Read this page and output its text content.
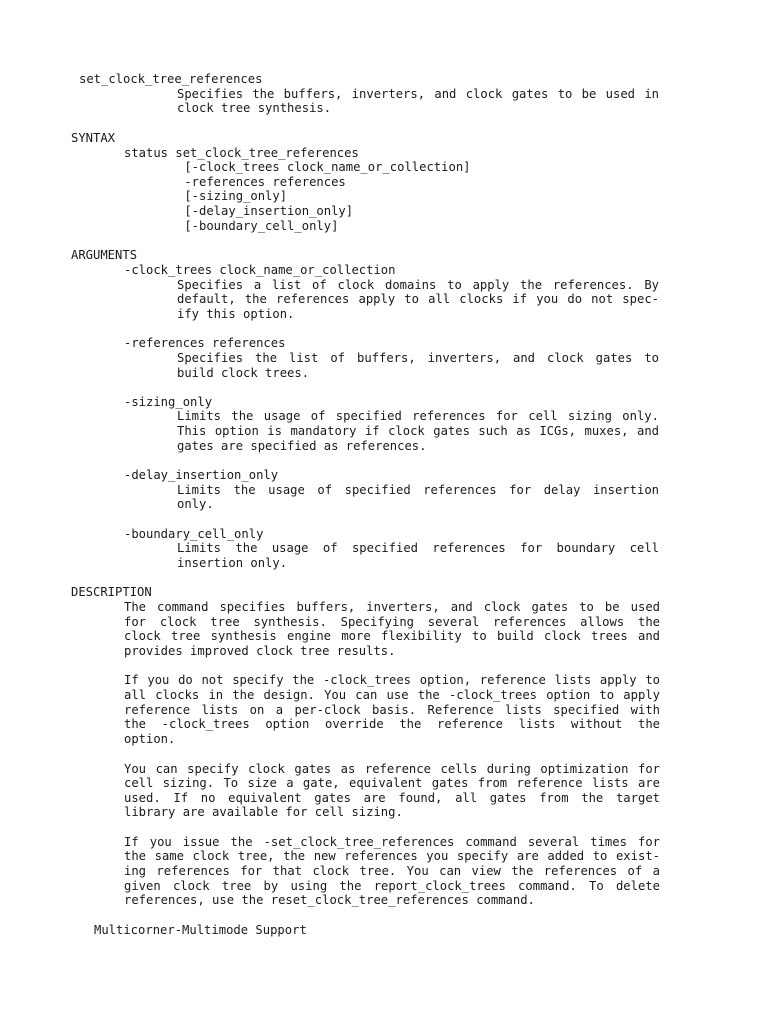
set_clock_tree_references
Specifies the buffers, inverters, and clock gates to be used in
clock tree synthesis.
SYNTAX
status set_clock_tree_references
[-clock_trees clock_name_or_collection]
-references references
[-sizing_only]
[-delay_insertion_only]
[-boundary_cell_only]
ARGUMENTS
-clock_trees clock_name_or_collection
Specifies a list of clock domains to apply the references. By
default, the references apply to all clocks if you do not spec-
ify this option.
-references references
Specifies the list of buffers, inverters, and clock gates to
build clock trees.
-sizing_only
Limits the usage of specified references for cell sizing only.
This option is mandatory if clock gates such as ICGs, muxes, and
gates are specified as references.
-delay_insertion_only
Limits the usage of specified references for delay insertion
only.
-boundary_cell_only
Limits the usage of specified references for boundary cell
insertion only.
DESCRIPTION
The command specifies buffers, inverters, and clock gates to be used
for clock tree synthesis. Specifying several references allows the
clock tree synthesis engine more flexibility to build clock trees and
provides improved clock tree results.
If you do not specify the -clock_trees option, reference lists apply to
all clocks in the design. You can use the -clock_trees option to apply
reference lists on a per-clock basis. Reference lists specified with
the -clock_trees option override the reference lists without the
option.
You can specify clock gates as reference cells during optimization for
cell sizing. To size a gate, equivalent gates from reference lists are
used. If no equivalent gates are found, all gates from the target
library are available for cell sizing.
If you issue the -set_clock_tree_references command several times for
the same clock tree, the new references you specify are added to exist-
ing references for that clock tree. You can view the references of a
given clock tree by using the report_clock_trees command. To delete
references, use the reset_clock_tree_references command.
Multicorner-Multimode Support
